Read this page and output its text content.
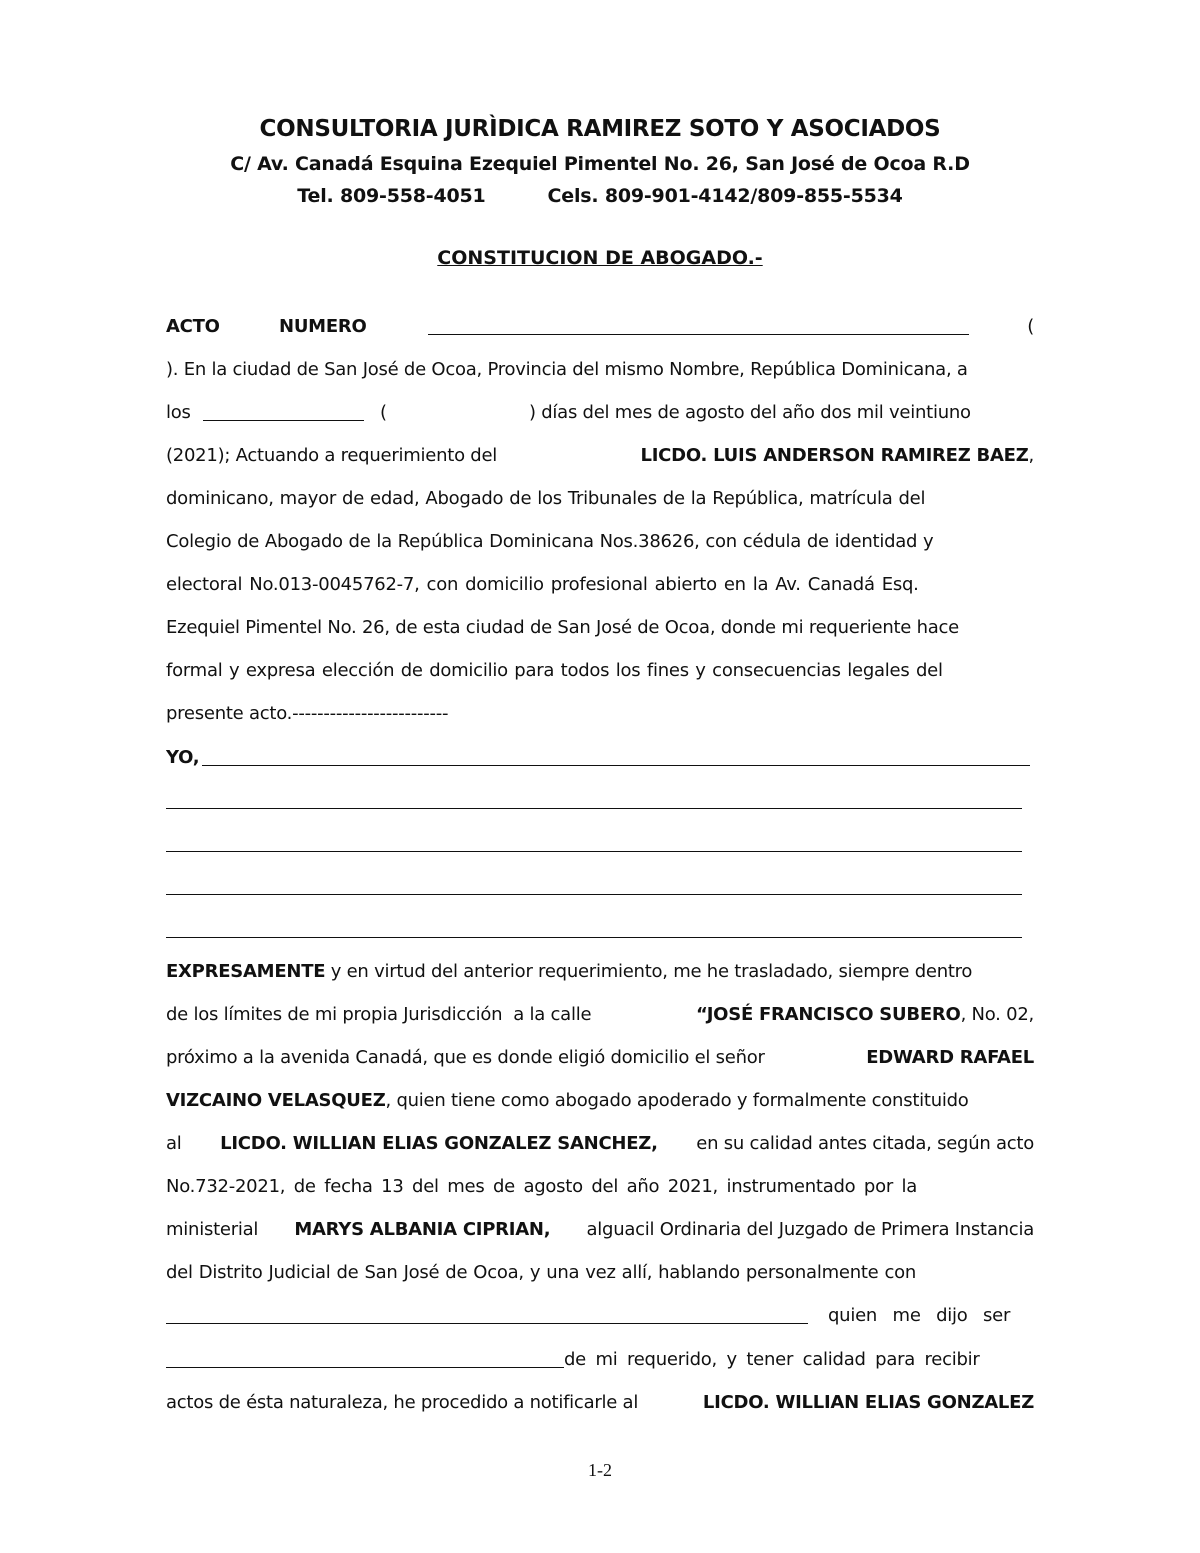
CONSULTORIA JURÌDICA RAMIREZ SOTO Y ASOCIADOS
C/ Av. Canadá Esquina Ezequiel Pimentel No. 26, San José de Ocoa R.D
Tel. 809-558-4051	Cels. 809-901-4142/809-855-5534
CONSTITUCION DE ABOGADO.-
ACTO	NUMERO	(
). En la ciudad de San José de Ocoa, Provincia del mismo Nombre, República Dominicana, a
los	(	) días del mes de agosto del año dos mil veintiuno
(2021); Actuando a requerimiento del	LICDO. LUIS ANDERSON RAMIREZ BAEZ,
dominicano, mayor de edad, Abogado de los Tribunales de la República, matrícula del
Colegio de Abogado de la República Dominicana Nos.38626, con cédula de identidad y
electoral No.013-0045762-7, con domicilio profesional abierto en la Av. Canadá Esq.
Ezequiel Pimentel No. 26, de esta ciudad de San José de Ocoa, donde mi requeriente hace
formal y expresa elección de domicilio para todos los fines y consecuencias legales del
presente acto.-------------------------
YO,
EXPRESAMENTE y en virtud del anterior requerimiento, me he trasladado, siempre dentro
de los límites de mi propia Jurisdicción  a la calle	“JOSÉ FRANCISCO SUBERO, No. 02,
próximo a la avenida Canadá, que es donde eligió domicilio el señor	EDWARD RAFAEL
VIZCAINO VELASQUEZ, quien tiene como abogado apoderado y formalmente constituido
al LICDO. WILLIAN ELIAS GONZALEZ SANCHEZ, en su calidad antes citada, según acto
No.732-2021, de fecha 13 del mes de agosto del año 2021, instrumentado por la
ministerial MARYS ALBANIA CIPRIAN, alguacil Ordinaria del Juzgado de Primera Instancia
del Distrito Judicial de San José de Ocoa, y una vez allí, hablando personalmente con
quien me dijo ser
de mi requerido, y tener calidad para recibir
actos de ésta naturaleza, he procedido a notificarle al	LICDO. WILLIAN ELIAS GONZALEZ
1-2
